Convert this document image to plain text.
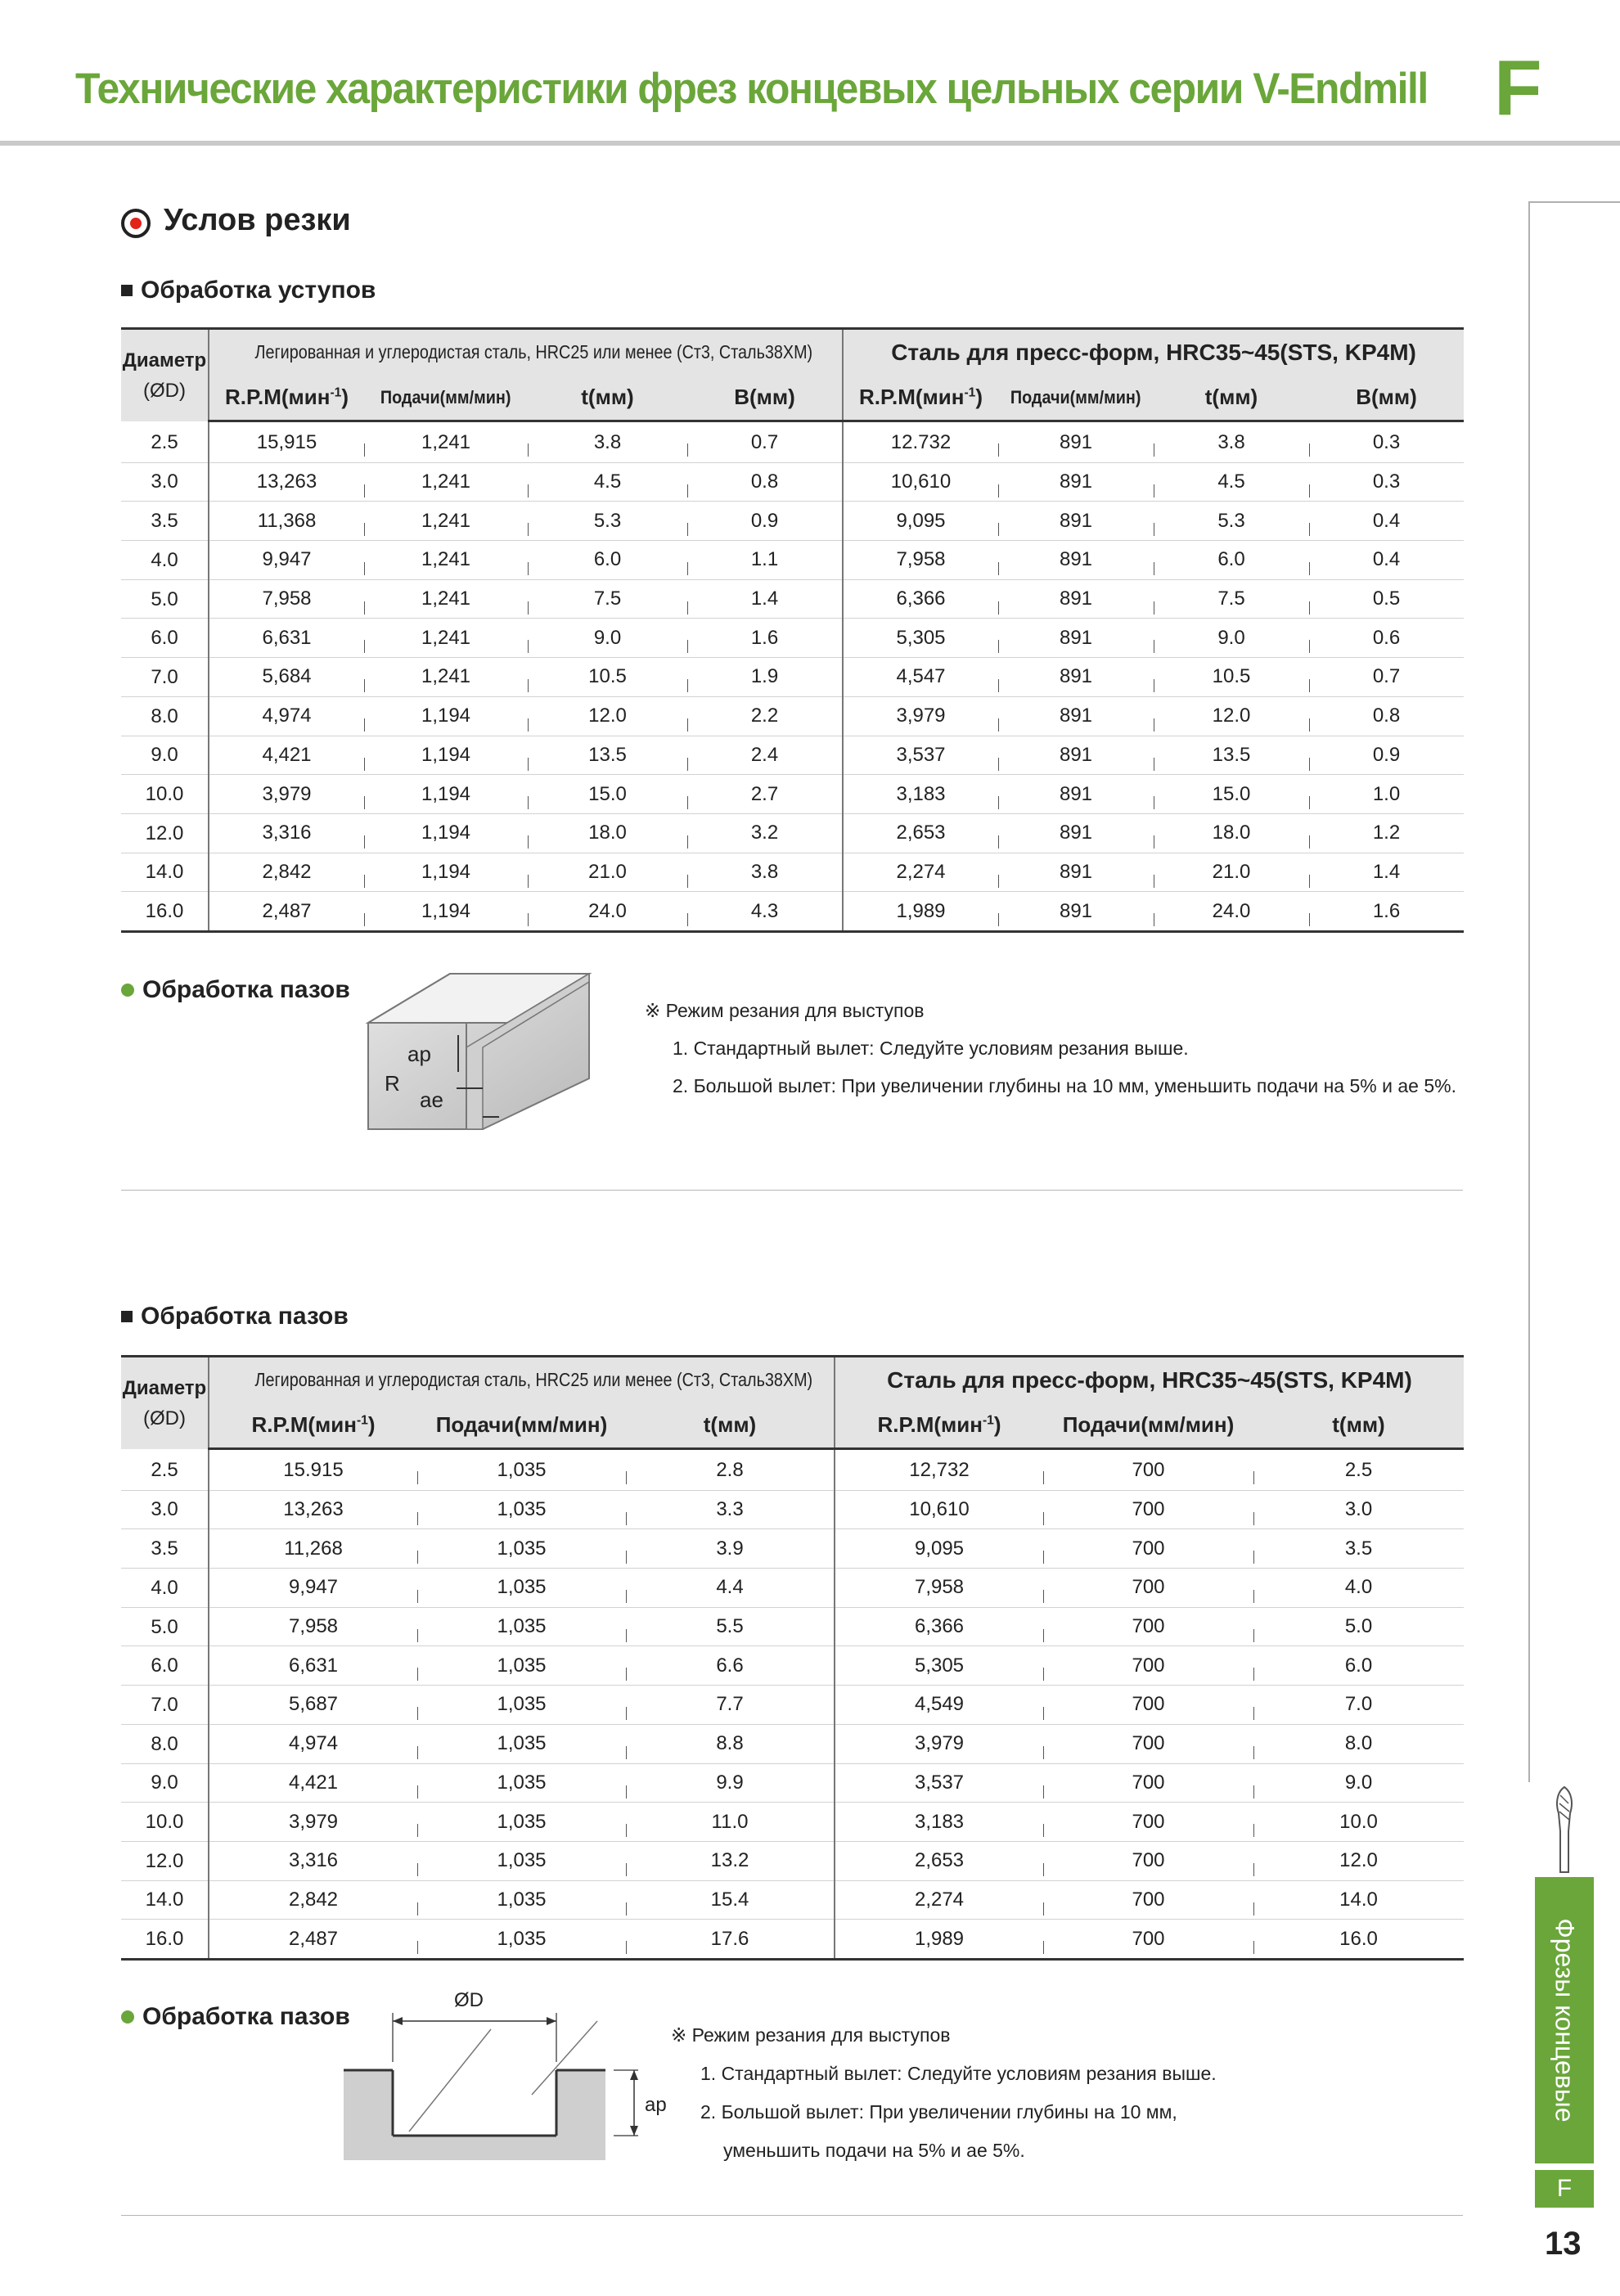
Технические характеристики фрез концевых цельных серии V-Endmill F
Фрезы концевые
F
13
Услов резки
Обработка уступов
Диаметр
(ØD)	Легированная и углеродистая сталь, HRC25 или менее (Ст3, Сталь38ХМ)				Сталь для пресс-форм, HRC35~45(STS, KP4M)			
	R.P.M(мин$^{-1}$)	Подачи(мм/мин)	t(мм)	B(мм)	R.P.M(мин$^{-1}$)	Подачи(мм/мин)	t(мм)	B(мм)
2.5	15,915	1,241	3.8	0.7	12.732	891	3.8	0.3
3.0	13,263	1,241	4.5	0.8	10,610	891	4.5	0.3
3.5	11,368	1,241	5.3	0.9	9,095	891	5.3	0.4
4.0	9,947	1,241	6.0	1.1	7,958	891	6.0	0.4
5.0	7,958	1,241	7.5	1.4	6,366	891	7.5	0.5
6.0	6,631	1,241	9.0	1.6	5,305	891	9.0	0.6
7.0	5,684	1,241	10.5	1.9	4,547	891	10.5	0.7
8.0	4,974	1,194	12.0	2.2	3,979	891	12.0	0.8
9.0	4,421	1,194	13.5	2.4	3,537	891	13.5	0.9
10.0	3,979	1,194	15.0	2.7	3,183	891	15.0	1.0
12.0	3,316	1,194	18.0	3.2	2,653	891	18.0	1.2
14.0	2,842	1,194	21.0	3.8	2,274	891	21.0	1.4
16.0	2,487	1,194	24.0	4.3	1,989	891	24.0	1.6
Обработка пазов
ap
R
ae
※ Режим резания для выступов
1. Стандартный вылет: Следуйте условиям резания выше.
2. Большой вылет: При увеличении глубины на 10 мм, уменьшить подачи на 5% и ae 5%.
Обработка пазов
Диаметр
(ØD)	Легированная и углеродистая сталь, HRC25 или менее (Ст3, Сталь38ХМ)			Сталь для пресс-форм, HRC35~45(STS, KP4M)		
	R.P.M(мин$^{-1}$)	Подачи(мм/мин)	t(мм)	R.P.M(мин$^{-1}$)	Подачи(мм/мин)	t(мм)
2.5	15.915	1,035	2.8	12,732	700	2.5
3.0	13,263	1,035	3.3	10,610	700	3.0
3.5	11,268	1,035	3.9	9,095	700	3.5
4.0	9,947	1,035	4.4	7,958	700	4.0
5.0	7,958	1,035	5.5	6,366	700	5.0
6.0	6,631	1,035	6.6	5,305	700	6.0
7.0	5,687	1,035	7.7	4,549	700	7.0
8.0	4,974	1,035	8.8	3,979	700	8.0
9.0	4,421	1,035	9.9	3,537	700	9.0
10.0	3,979	1,035	11.0	3,183	700	10.0
12.0	3,316	1,035	13.2	2,653	700	12.0
14.0	2,842	1,035	15.4	2,274	700	14.0
16.0	2,487	1,035	17.6	1,989	700	16.0
Обработка пазов
ØD
ap
※ Режим резания для выступов
1. Стандартный вылет: Следуйте условиям резания выше.
2. Большой вылет: При увеличении глубины на 10 мм,
уменьшить подачи на 5% и ae 5%.
